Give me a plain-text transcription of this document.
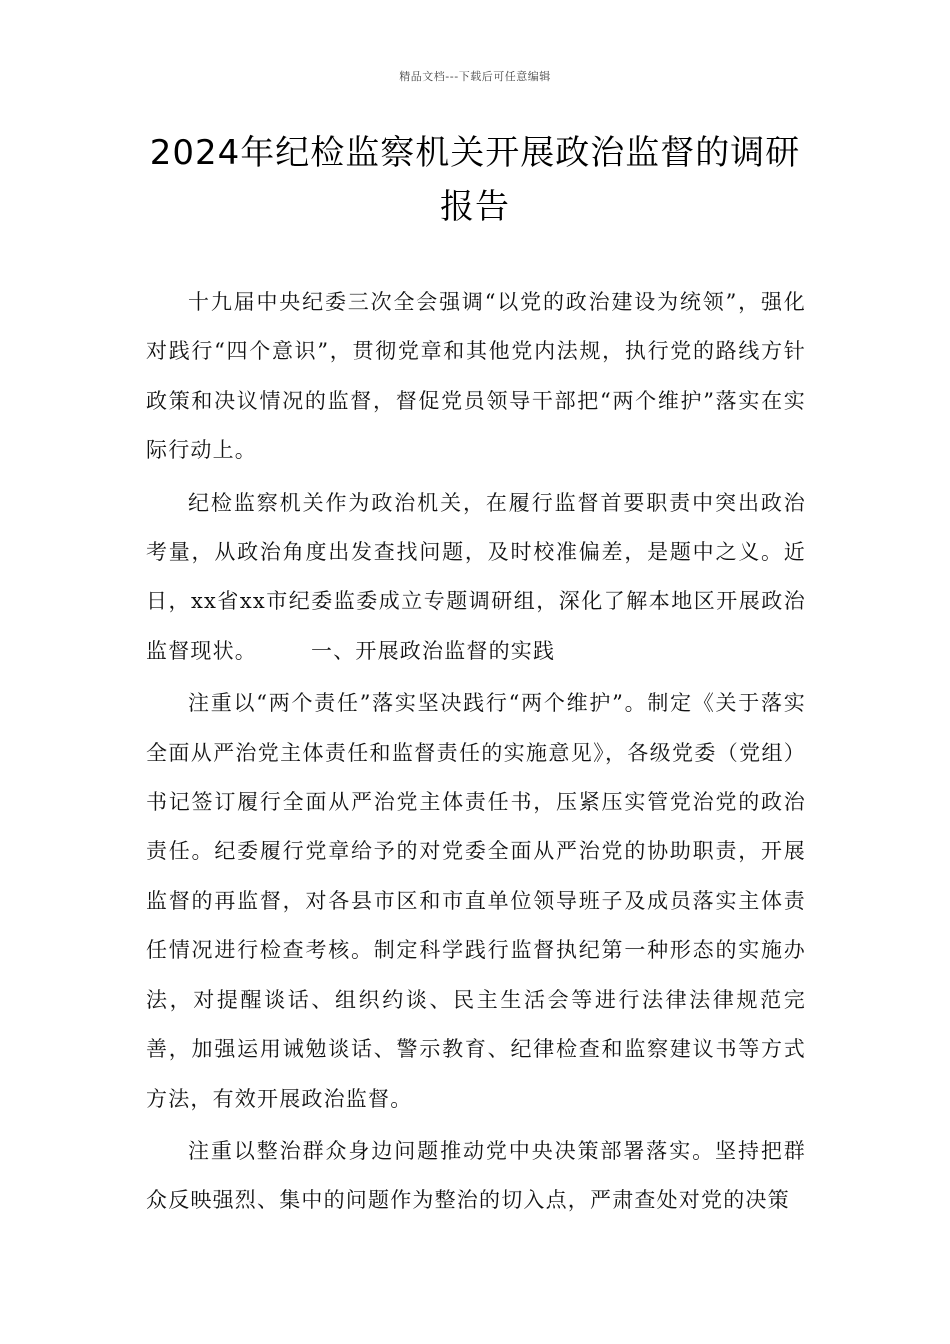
精品文档---下载后可任意编辑
2024年纪检监察机关开展政治监督的调研报告

十九届中央纪委三次全会强调“以党的政治建设为统领”，强化对践行“四个意识”，贯彻党章和其他党内法规，执行党的路线方针政策和决议情况的监督，督促党员领导干部把“两个维护”落实在实际行动上。

纪检监察机关作为政治机关，在履行监督首要职责中突出政治考量，从政治角度出发查找问题，及时校准偏差，是题中之义。近日，xx省xx市纪委监委成立专题调研组，深化了解本地区开展政治监督现状。	一、开展政治监督的实践

注重以“两个责任”落实坚决践行“两个维护”。制定《关于落实全面从严治党主体责任和监督责任的实施意见》，各级党委（党组）书记签订履行全面从严治党主体责任书，压紧压实管党治党的政治责任。纪委履行党章给予的对党委全面从严治党的协助职责，开展监督的再监督，对各县市区和市直单位领导班子及成员落实主体责任情况进行检查考核。制定科学践行监督执纪第一种形态的实施办法，对提醒谈话、组织约谈、民主生活会等进行法律法律规范完善，加强运用诫勉谈话、警示教育、纪律检查和监察建议书等方式方法，有效开展政治监督。

注重以整治群众身边问题推动党中央决策部署落实。坚持把群众反映强烈、集中的问题作为整治的切入点，严肃查处对党的决策
